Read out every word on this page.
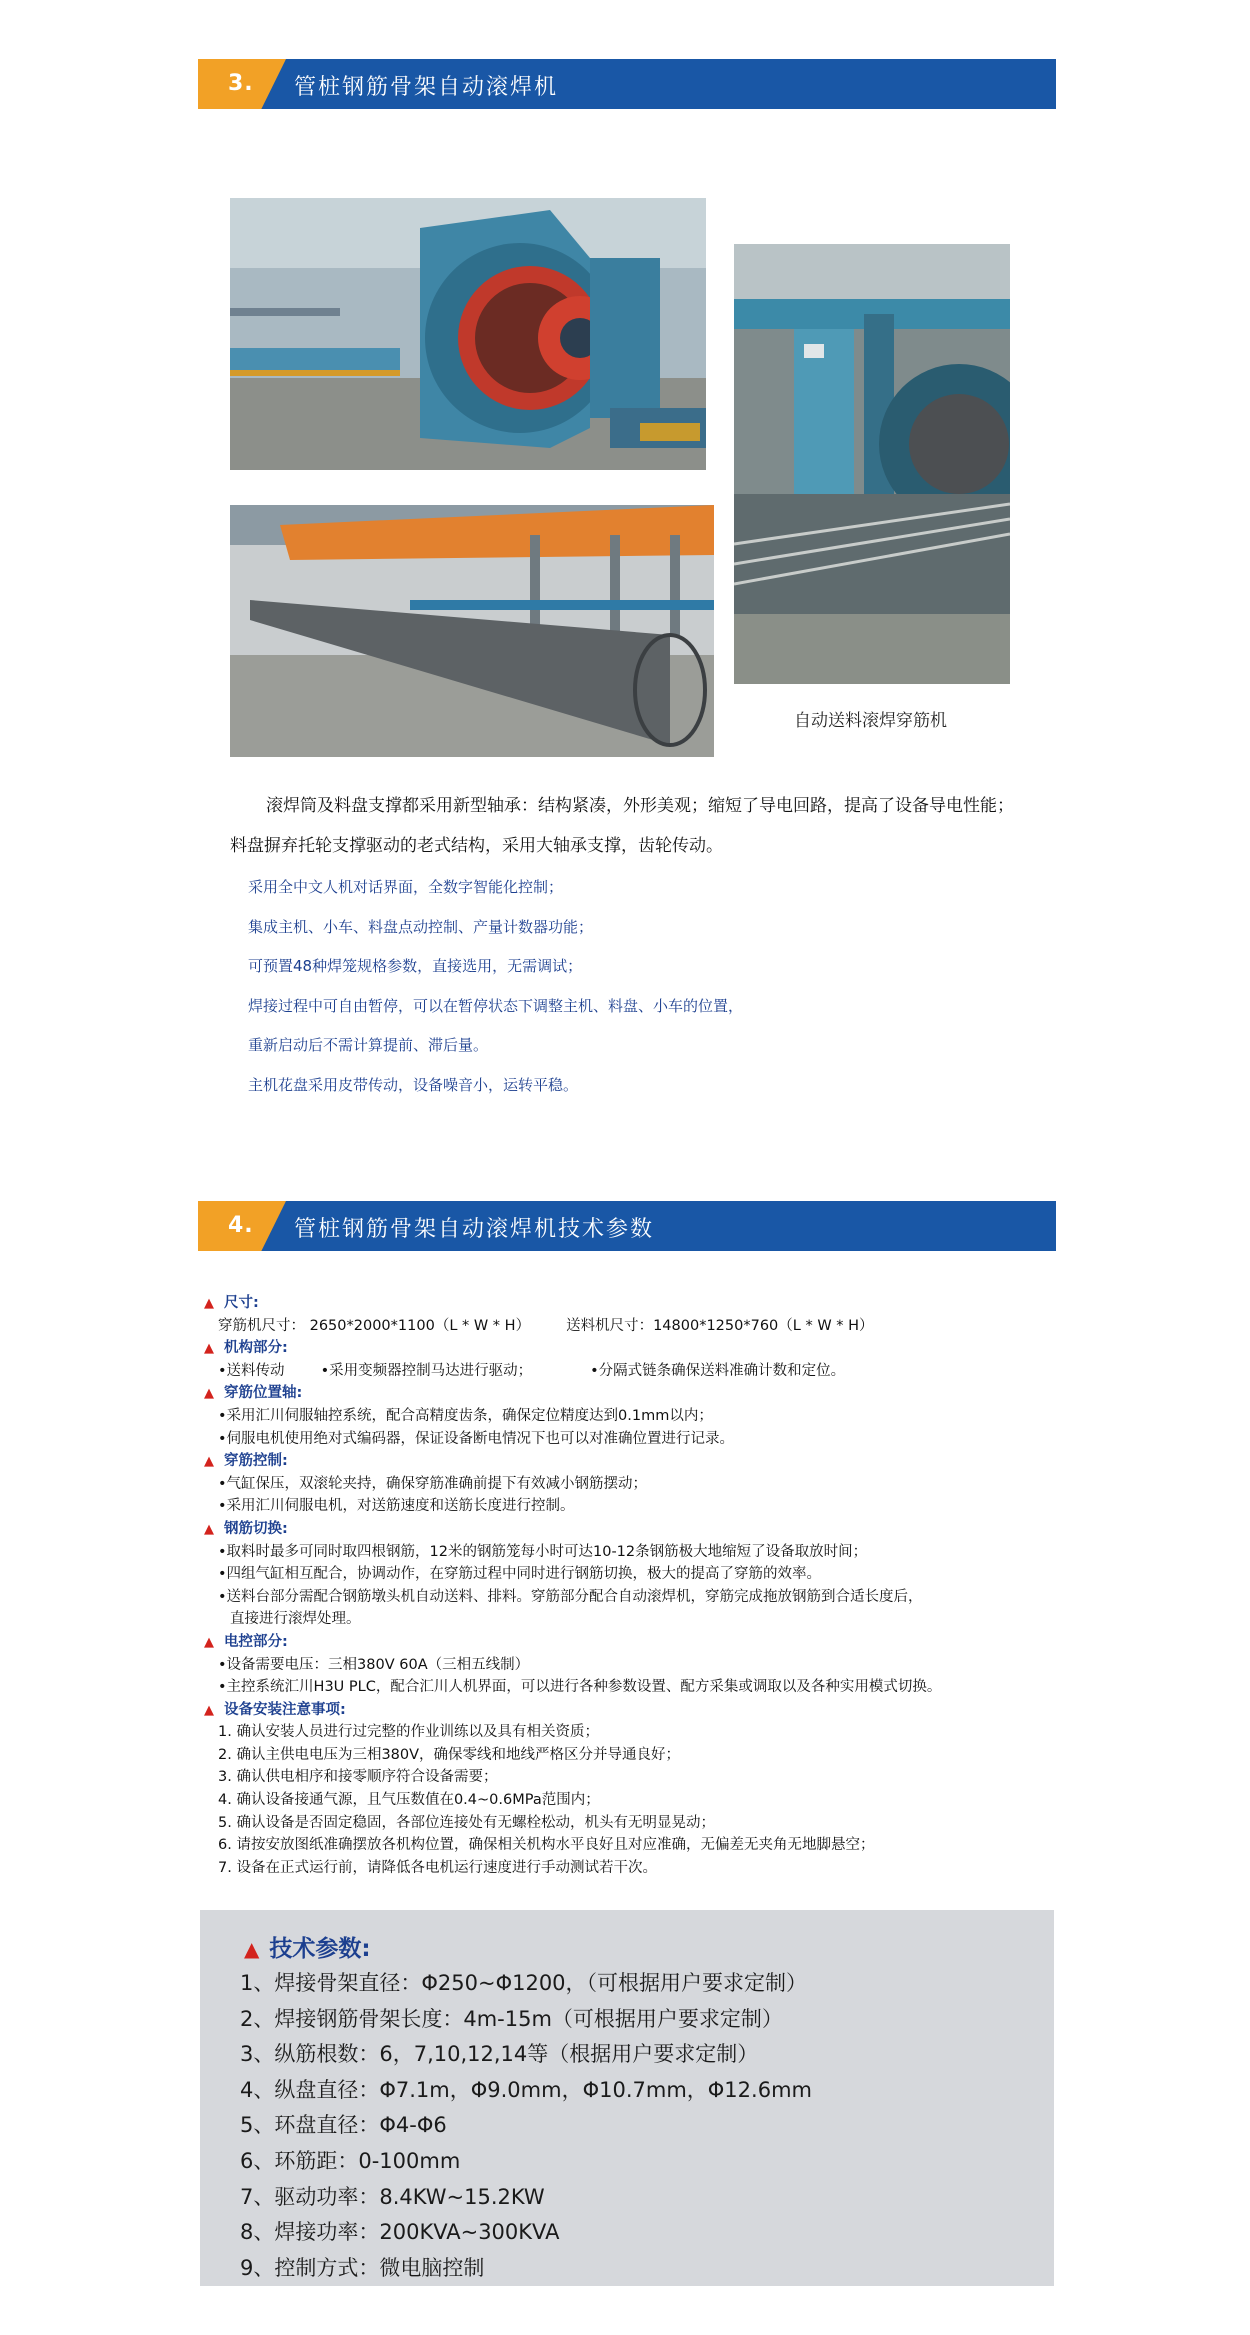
3. 管桩钢筋骨架自动滚焊机
自动送料滚焊穿筋机
滚焊筒及料盘支撑都采用新型轴承：结构紧凑，外形美观；缩短了导电回路，提高了设备导电性能；
料盘摒弃托轮支撑驱动的老式结构，采用大轴承支撑，齿轮传动。
采用全中文人机对话界面，全数字智能化控制；
集成主机、小车、料盘点动控制、产量计数器功能；
可预置48种焊笼规格参数，直接选用，无需调试；
焊接过程中可自由暂停，可以在暂停状态下调整主机、料盘、小车的位置，
重新启动后不需计算提前、滞后量。
主机花盘采用皮带传动，设备噪音小，运转平稳。
4. 管桩钢筋骨架自动滚焊机技术参数
▲ 尺寸:
穿筋机尺寸： 2650*2000*1100（L * W * H） 送料机尺寸：14800*1250*760（L * W * H）
▲ 机构部分:
•送料传动 •采用变频器控制马达进行驱动；	•分隔式链条确保送料准确计数和定位。
▲ 穿筋位置轴:
•采用汇川伺服轴控系统，配合高精度齿条，确保定位精度达到0.1mm以内；
•伺服电机使用绝对式编码器，保证设备断电情况下也可以对准确位置进行记录。
▲ 穿筋控制:
•气缸保压，双滚轮夹持，确保穿筋准确前提下有效减小钢筋摆动；
•采用汇川伺服电机，对送筋速度和送筋长度进行控制。
▲ 钢筋切换:
•取料时最多可同时取四根钢筋，12米的钢筋笼每小时可达10-12条钢筋极大地缩短了设备取放时间；
•四组气缸相互配合，协调动作，在穿筋过程中同时进行钢筋切换，极大的提高了穿筋的效率。
•送料台部分需配合钢筋墩头机自动送料、排料。穿筋部分配合自动滚焊机，穿筋完成拖放钢筋到合适长度后，
直接进行滚焊处理。
▲ 电控部分:
•设备需要电压：三相380V 60A（三相五线制）
•主控系统汇川H3U PLC，配合汇川人机界面，可以进行各种参数设置、配方采集或调取以及各种实用模式切换。
▲ 设备安装注意事项:
1. 确认安装人员进行过完整的作业训练以及具有相关资质；
2. 确认主供电电压为三相380V，确保零线和地线严格区分并导通良好；
3. 确认供电相序和接零顺序符合设备需要；
4. 确认设备接通气源，且气压数值在0.4~0.6MPa范围内；
5. 确认设备是否固定稳固，各部位连接处有无螺栓松动，机头有无明显晃动；
6. 请按安放图纸准确摆放各机构位置，确保相关机构水平良好且对应准确，无偏差无夹角无地脚悬空；
7. 设备在正式运行前，请降低各电机运行速度进行手动测试若干次。
▲ 技术参数:
1、焊接骨架直径：Φ250~Φ1200，（可根据用户要求定制）
2、焊接钢筋骨架长度：4m-15m（可根据用户要求定制）
3、纵筋根数：6，7,10,12,14等（根据用户要求定制）
4、纵盘直径：Φ7.1m，Φ9.0mm，Φ10.7mm，Φ12.6mm
5、环盘直径：Φ4-Φ6
6、环筋距：0-100mm
7、驱动功率：8.4KW~15.2KW
8、焊接功率：200KVA~300KVA
9、控制方式：微电脑控制
